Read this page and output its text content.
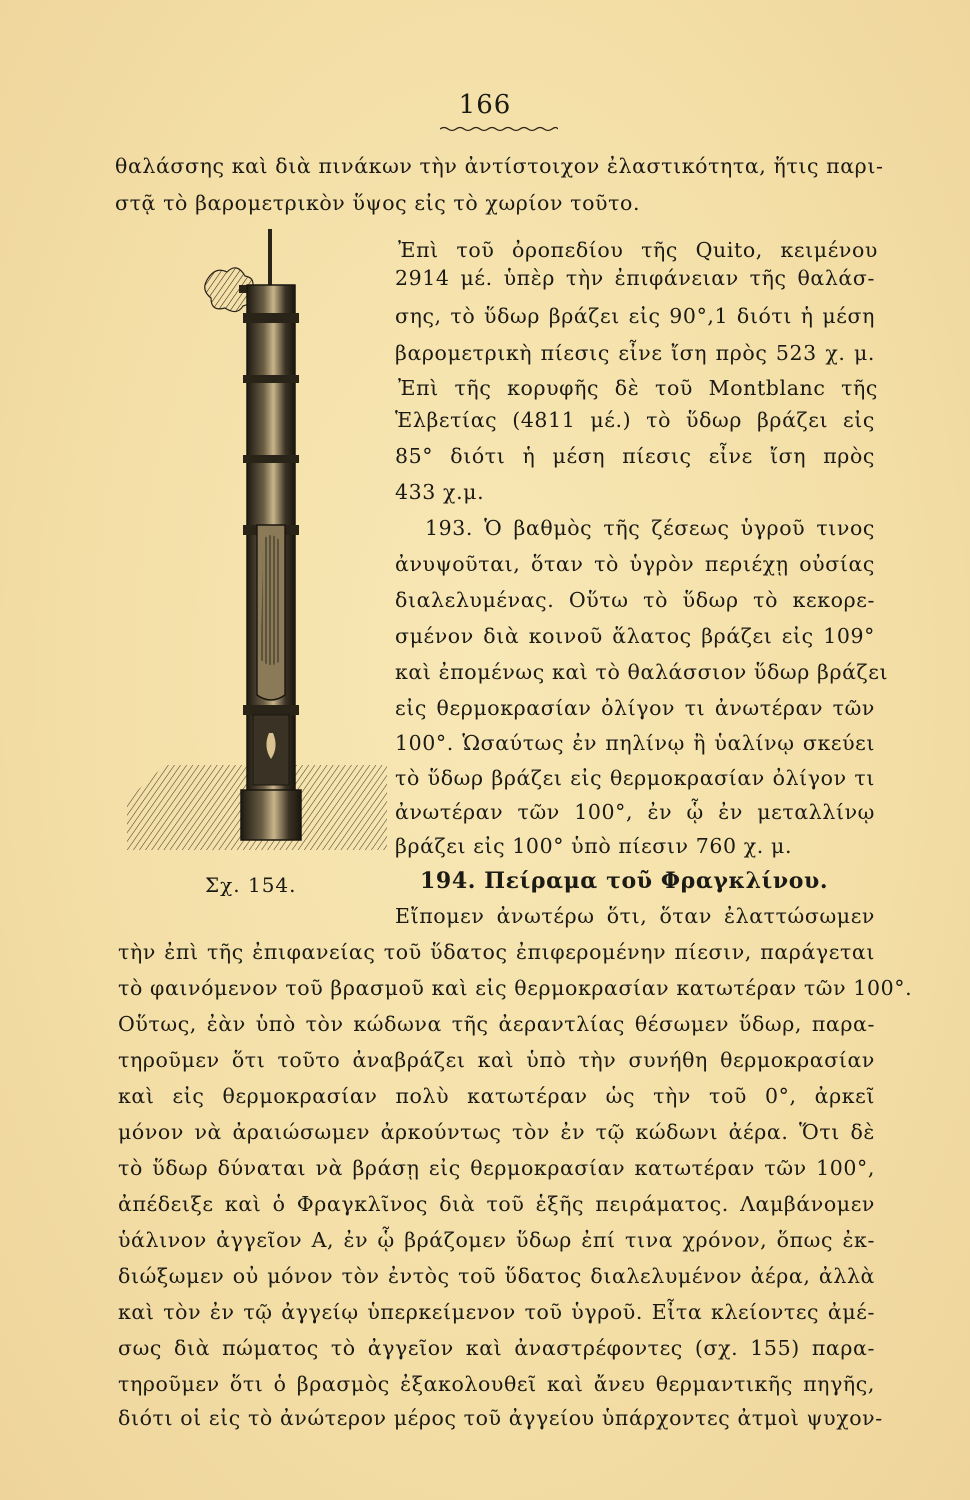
166
Σχ. 154.
θαλάσσης καὶ διὰ πινάκων τὴν ἀντίστοιχον ἐλαστικότητα, ἥτις παρι-
στᾷ τὸ βαρομετρικὸν ὕψος εἰς τὸ χωρίον τοῦτο.
Ἐπὶ τοῦ ὀροπεδίου τῆς Quito, κειμένου
2914 μέ. ὑπὲρ τὴν ἐπιφάνειαν τῆς θαλάσ-
σης, τὸ ὕδωρ βράζει εἰς 90°,1 διότι ἡ μέση
βαρομετρικὴ πίεσις εἶνε ἴση πρὸς 523 χ. μ.
Ἐπὶ τῆς κορυφῆς δὲ τοῦ Montblanc τῆς
Ἑλβετίας (4811 μέ.) τὸ ὕδωρ βράζει εἰς
85° διότι ἡ μέση πίεσις εἶνε ἴση πρὸς
433 χ.μ.
193. Ὁ βαθμὸς τῆς ζέσεως ὑγροῦ τινος
ἀνυψοῦται, ὅταν τὸ ὑγρὸν περιέχῃ οὐσίας
διαλελυμένας. Οὕτω τὸ ὕδωρ τὸ κεκορε-
σμένον διὰ κοινοῦ ἅλατος βράζει εἰς 109°
καὶ ἐπομένως καὶ τὸ θαλάσσιον ὕδωρ βράζει
εἰς θερμοκρασίαν ὀλίγον τι ἀνωτέραν τῶν
100°. Ὡσαύτως ἐν πηλίνῳ ἢ ὑαλίνῳ σκεύει
τὸ ὕδωρ βράζει εἰς θερμοκρασίαν ὀλίγον τι
ἀνωτέραν τῶν 100°, ἐν ᾧ ἐν μεταλλίνῳ
βράζει εἰς 100° ὑπὸ πίεσιν 760 χ. μ.
194. Πείραμα τοῦ Φραγκλίνου.
Εἴπομεν ἀνωτέρω ὅτι, ὅταν ἐλαττώσωμεν
τὴν ἐπὶ τῆς ἐπιφανείας τοῦ ὕδατος ἐπιφερομένην πίεσιν, παράγεται
τὸ φαινόμενον τοῦ βρασμοῦ καὶ εἰς θερμοκρασίαν κατωτέραν τῶν 100°.
Οὕτως, ἐὰν ὑπὸ τὸν κώδωνα τῆς ἀεραντλίας θέσωμεν ὕδωρ, παρα-
τηροῦμεν ὅτι τοῦτο ἀναβράζει καὶ ὑπὸ τὴν συνήθη θερμοκρασίαν
καὶ εἰς θερμοκρασίαν πολὺ κατωτέραν ὡς τὴν τοῦ 0°, ἀρκεῖ
μόνον νὰ ἀραιώσωμεν ἀρκούντως τὸν ἐν τῷ κώδωνι ἀέρα. Ὅτι δὲ
τὸ ὕδωρ δύναται νὰ βράσῃ εἰς θερμοκρασίαν κατωτέραν τῶν 100°,
ἀπέδειξε καὶ ὁ Φραγκλῖνος διὰ τοῦ ἑξῆς πειράματος. Λαμβάνομεν
ὑάλινον ἀγγεῖον Α, ἐν ᾧ βράζομεν ὕδωρ ἐπί τινα χρόνον, ὅπως ἐκ-
διώξωμεν οὐ μόνον τὸν ἐντὸς τοῦ ὕδατος διαλελυμένον ἀέρα, ἀλλὰ
καὶ τὸν ἐν τῷ ἀγγείῳ ὑπερκείμενον τοῦ ὑγροῦ. Εἶτα κλείοντες ἀμέ-
σως διὰ πώματος τὸ ἀγγεῖον καὶ ἀναστρέφοντες (σχ. 155) παρα-
τηροῦμεν ὅτι ὁ βρασμὸς ἐξακολουθεῖ καὶ ἄνευ θερμαντικῆς πηγῆς,
διότι οἱ εἰς τὸ ἀνώτερον μέρος τοῦ ἀγγείου ὑπάρχοντες ἀτμοὶ ψυχον-
